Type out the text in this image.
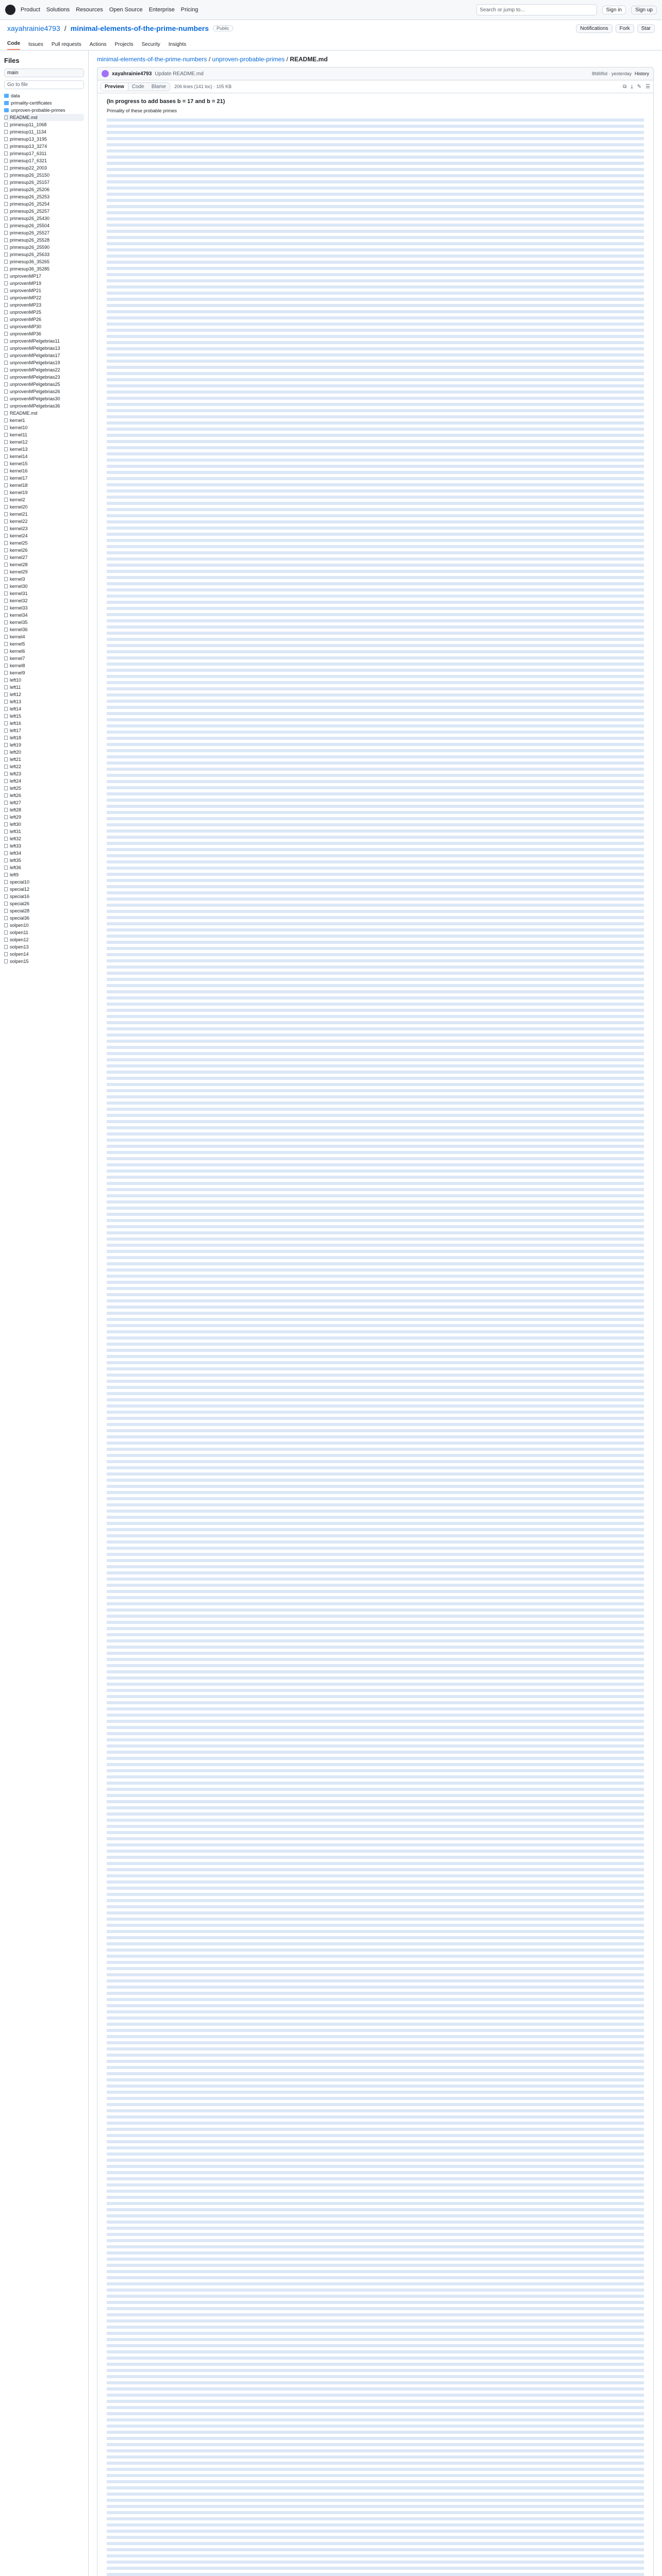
Product Solutions Resources Open Source Enterprise Pricing	Search or jump to...	Sign in	Sign up
xayahrainie4793 / minimal-elements-of-the-prime-numbers	Public	Notifications	Fork	Star
Code Issues Pull requests Actions Projects Security Insights
Files
main
Go to file
data
primality-certificates
unproven-probable-primes
README.md
primesup11_1068
primesup11_1134
primesup13_3195
primesup13_3274
primesup17_6311
primesup17_6321
primesup22_2003
primesup26_25150
primesup26_25157
primesup26_25206
primesup26_25253
primesup26_25254
primesup26_25257
primesup26_25430
primesup26_25504
primesup26_25527
primesup26_25528
primesup26_25590
primesup26_25633
primesup36_35265
primesup36_35285
unprovenMP17
unprovenMP19
unprovenMP21
unprovenMP22
unprovenMP23
unprovenMP25
unprovenMP26
unprovenMP30
unprovenMP36
unprovenMPelgebrias11
unprovenMPelgebrias13
unprovenMPelgebrias17
unprovenMPelgebrias19
unprovenMPelgebrias22
unprovenMPelgebrias23
unprovenMPelgebrias25
unprovenMPelgebrias26
unprovenMPelgebrias30
unprovenMPelgebrias36
README.md
kernel1
kernel10
kernel11
kernel12
kernel13
kernel14
kernel15
kernel16
kernel17
kernel18
kernel19
kernel2
kernel20
kernel21
kernel22
kernel23
kernel24
kernel25
kernel26
kernel27
kernel28
kernel29
kernel3
kernel30
kernel31
kernel32
kernel33
kernel34
kernel35
kernel36
kernel4
kernel5
kernel6
kernel7
kernel8
kernel9
left10
left11
left12
left13
left14
left15
left16
left17
left18
left19
left20
left21
left22
left23
left24
left25
left26
left27
left28
left29
left30
left31
left32
left33
left34
left35
left36
left9
special10
special12
special16
special26
special28
special36
solpen10
solpen11
solpen12
solpen13
solpen14
solpen15
minimal-elements-of-the-prime-numbers / unproven-probable-primes / README.md
xayahrainie4793 Update README.md	8fd6f6d · yesterday History
Preview	Code	Blame	206 lines (141 loc) · 105 KB	⧉ ⤓ ✎ ☰
(In progress to add bases b = 17 and b = 21)

Primality of these probable primes
